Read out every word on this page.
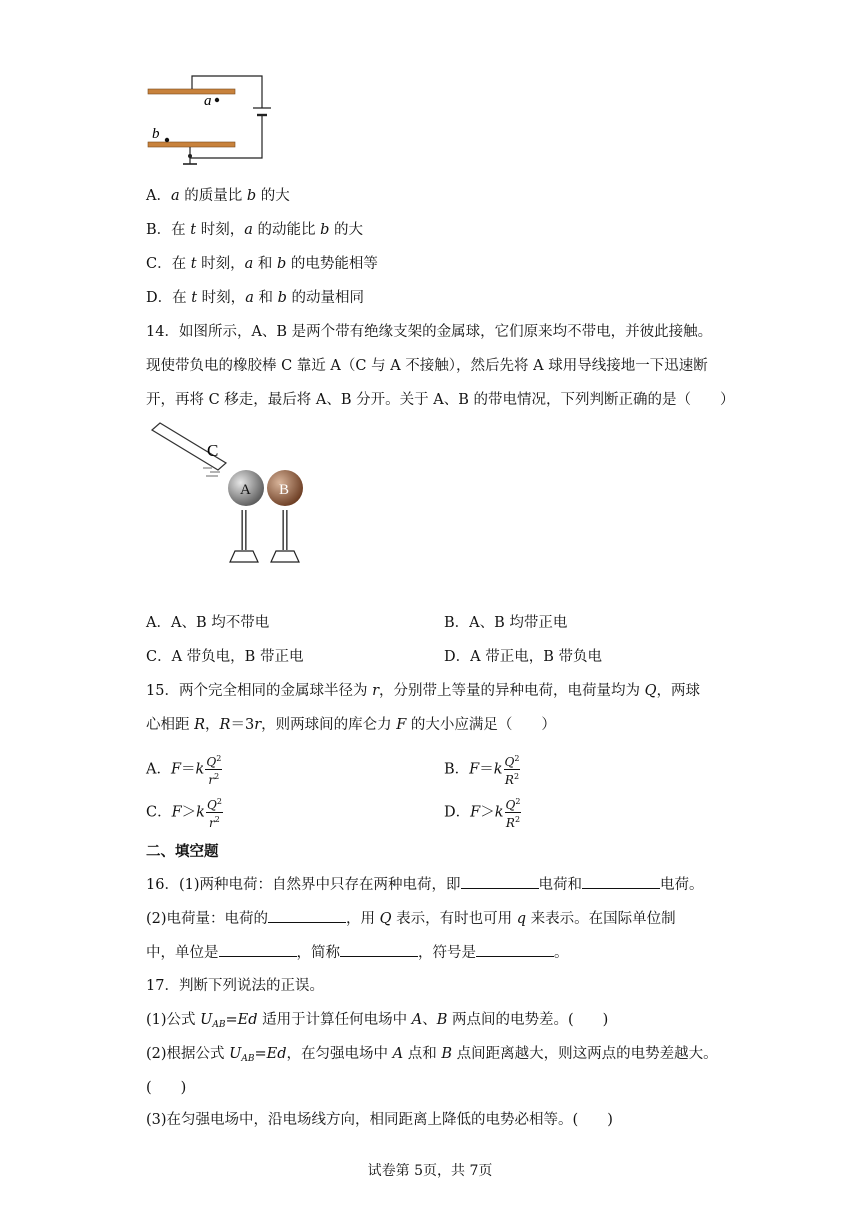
a
b
A．a 的质量比 b 的大
B．在 t 时刻，a 的动能比 b 的大
C．在 t 时刻，a 和 b 的电势能相等
D．在 t 时刻，a 和 b 的动量相同
14．如图所示，A、B 是两个带有绝缘支架的金属球，它们原来均不带电，并彼此接触。
现使带负电的橡胶棒 C 靠近 A（C 与 A 不接触），然后先将 A 球用导线接地一下迅速断
开，再将 C 移走，最后将 A、B 分开。关于 A、B 的带电情况，下列判断正确的是（　　）
C
A B
A．A、B 均不带电	B．A、B 均带正电
C．A 带负电，B 带正电	D．A 带正电，B 带负电
15．两个完全相同的金属球半径为 r，分别带上等量的异种电荷，电荷量均为 Q，两球
心相距 R，R＝3r，则两球间的库仑力 F 的大小应满足（　　）
A．$F=k \frac{Q^2}{r^2}$	B．$F=k \frac{Q^2}{R^2}$
C．$F>k \frac{Q^2}{r^2}$	D．$F>k \frac{Q^2}{R^2}$
二、填空题
16．(1)两种电荷：自然界中只存在两种电荷，即	电荷和	电荷。
(2)电荷量：电荷的	，用 Q 表示，有时也可用 q 来表示。在国际单位制
中，单位是	，简称	，符号是	。
17．判断下列说法的正误。
(1)公式 $U_{AB}=Ed$ 适用于计算任何电场中 A、B 两点间的电势差。(　　)
(2)根据公式 $U_{AB}=Ed$，在匀强电场中 A 点和 B 点间距离越大，则这两点的电势差越大。
(　　)
(3)在匀强电场中，沿电场线方向，相同距离上降低的电势必相等。(　　)
试卷第 5页，共 7页
